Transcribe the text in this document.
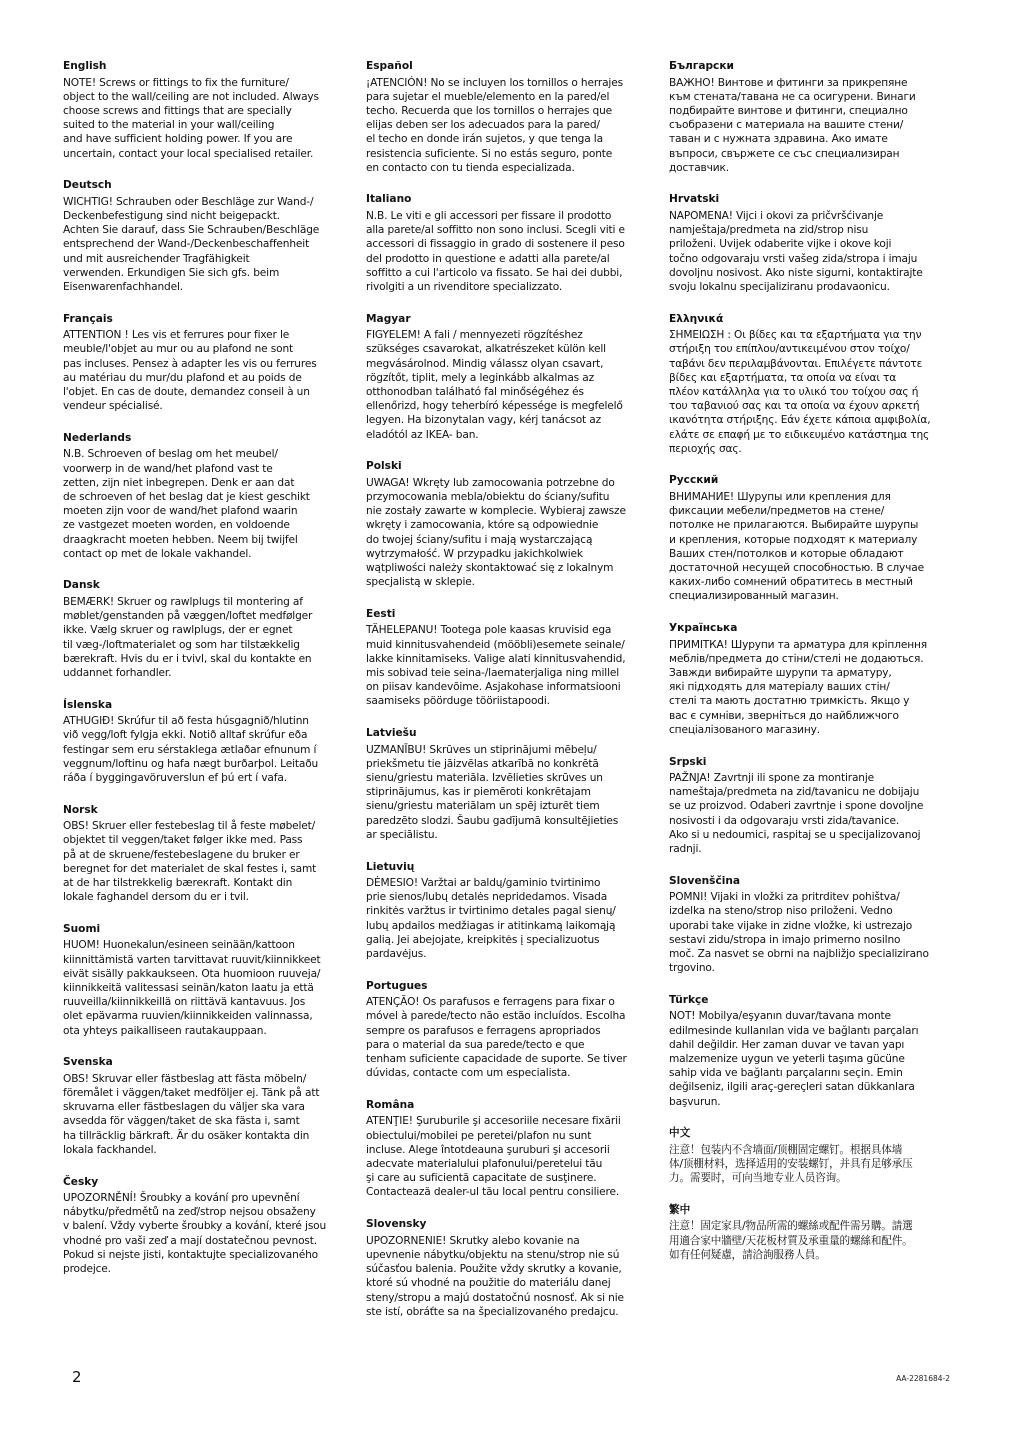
English

NOTE! Screws or fittings to fix the furniture/
object to the wall/ceiling are not included. Always
choose screws and fittings that are specially
suited to the material in your wall/ceiling
and have sufficient holding power. If you are
uncertain, contact your local specialised retailer.

Deutsch

WICHTIG! Schrauben oder Beschläge zur Wand-/
Deckenbefestigung sind nicht beigepackt.
Achten Sie darauf, dass Sie Schrauben/Beschläge
entsprechend der Wand-/Deckenbeschaffenheit
und mit ausreichender Tragfähigkeit
verwenden. Erkundigen Sie sich gfs. beim
Eisenwarenfachhandel.

Français

ATTENTION ! Les vis et ferrures pour fixer le
meuble/l'objet au mur ou au plafond ne sont
pas incluses. Pensez à adapter les vis ou ferrures
au matériau du mur/du plafond et au poids de
l'objet. En cas de doute, demandez conseil à un
vendeur spécialisé.

Nederlands

N.B. Schroeven of beslag om het meubel/
voorwerp in de wand/het plafond vast te
zetten, zijn niet inbegrepen. Denk er aan dat
de schroeven of het beslag dat je kiest geschikt
moeten zijn voor de wand/het plafond waarin
ze vastgezet moeten worden, en voldoende
draagkracht moeten hebben. Neem bij twijfel
contact op met de lokale vakhandel.

Dansk

BEMÆRK! Skruer og rawlplugs til montering af
møblet/genstanden på væggen/loftet medfølger
ikke. Vælg skruer og rawlplugs, der er egnet
til væg-/loftmaterialet og som har tilstækkelig
bærekraft. Hvis du er i tvivl, skal du kontakte en
uddannet forhandler.

Íslenska

ATHUGIÐ! Skrúfur til að festa húsgagnið/hlutinn
við vegg/loft fylgja ekki. Notið alltaf skrúfur eða
festingar sem eru sérstaklega ætlaðar efnunum í
veggnum/loftinu og hafa nægt burðarþol. Leitaðu
ráða í byggingavöruverslun ef þú ert í vafa.

Norsk

OBS! Skruer eller festebeslag til å feste møbelet/
objektet til veggen/taket følger ikke med. Pass
på at de skruene/festebeslagene du bruker er
beregnet for det materialet de skal festes i, samt
at de har tilstrekkelig bæreкraft. Kontakt din
lokale faghandel dersom du er i tvil.

Suomi

HUOM! Huonekalun/esineen seinään/kattoon
kiinnittämistä varten tarvittavat ruuvit/kiinnikkeet
eivät sisälly pakkaukseen. Ota huomioon ruuveja/
kiinnikkeitä valitessasi seinän/katon laatu ja että
ruuveilla/kiinnikkeillä on riittävä kantavuus. Jos
olet epävarma ruuvien/kiinnikkeiden valinnassa,
ota yhteys paikalliseen rautakauppaan.

Svenska

OBS! Skruvar eller fästbeslag att fästa möbeln/
föremålet i väggen/taket medföljer ej. Tänk på att
skruvarna eller fästbeslagen du väljer ska vara
avsedda för väggen/taket de ska fästa i, samt
ha tillräcklig bärkraft. Är du osäker kontakta din
lokala fackhandel.

Česky

UPOZORNĚNÍ! Šroubky a kování pro upevnění
nábytku/předmětů na zeď/strop nejsou obsaženy
v balení. Vždy vyberte šroubky a kování, které jsou
vhodné pro vaši zeď a mají dostatečnou pevnost.
Pokud si nejste jisti, kontaktujte specializovaného
prodejce.

Español

¡ATENCIÓN! No se incluyen los tornillos o herrajes
para sujetar el mueble/elemento en la pared/el
techo. Recuerda que los tornillos o herrajes que
elijas deben ser los adecuados para la pared/
el techo en donde irán sujetos, y que tenga la
resistencia suficiente. Si no estás seguro, ponte
en contacto con tu tienda especializada.

Italiano

N.B. Le viti e gli accessori per fissare il prodotto
alla parete/al soffitto non sono inclusi. Scegli viti e
accessori di fissaggio in grado di sostenere il peso
del prodotto in questione e adatti alla parete/al
soffitto a cui l'articolo va fissato. Se hai dei dubbi,
rivolgiti a un rivenditore specializzato.

Magyar

FIGYELEM! A fali / mennyezeti rögzítéshez
szükséges csavarokat, alkatrészeket külön kell
megvásárolnod. Mindig válassz olyan csavart,
rögzítőt, tiplit, mely a leginkább alkalmas az
otthonodban található fal minőségéhez és
ellenőrizd, hogy teherbíró képessége is megfelelő
legyen. Ha bizonytalan vagy, kérj tanácsot az
eladótól az IKEA- ban.

Polski

UWAGA! Wkręty lub zamocowania potrzebne do
przymocowania mebla/obiektu do ściany/sufitu
nie zostały zawarte w komplecie. Wybieraj zawsze
wkręty i zamocowania, które są odpowiednie
do twojej ściany/sufitu i mają wystarczającą
wytrzymałość. W przypadku jakichkolwiek
wątpliwości należy skontaktować się z lokalnym
specjalistą w sklepie.

Eesti

TÄHELEPANU! Tootega pole kaasas kruvisid ega
muid kinnitusvahendeid (mööbli)esemete seinale/
lakke kinnitamiseks. Valige alati kinnitusvahendid,
mis sobivad teie seina-/laematerjaliga ning millel
on piisav kandevõime. Asjakohase informatsiooni
saamiseks pöörduge tööriistapoodi.

Latviešu

UZMANĪBU! Skrūves un stiprinājumi mēbeļu/
priekšmetu tie jāizvēlas atkarībā no konkrētā
sienu/griestu materiāla. Izvēlieties skrūves un
stiprinājumus, kas ir piemēroti konkrētajam
sienu/griestu materiālam un spēj izturēt tiem
paredzēto slodzi. Šaubu gadījumā konsultējieties
ar speciālistu.

Lietuvių

DĖMESIO! Varžtai ar baldų/gaminio tvirtinimo
prie sienos/lubų detalės nepridedamos. Visada
rinkitės varžtus ir tvirtinimo detales pagal sienų/
lubų apdailos medžiagas ir atitinkamą laikomąją
galią. Jei abejojate, kreipkitės į specializuotus
pardavėjus.

Portugues

ATENÇÃO! Os parafusos e ferragens para fixar o
móvel à parede/tecto não estão incluídos. Escolha
sempre os parafusos e ferragens apropriados
para o material da sua parede/tecto e que
tenham suficiente capacidade de suporte. Se tiver
dúvidas, contacte com um especialista.

Româna

ATENŢIE! Şuruburile şi accesoriile necesare fixării
obiectului/mobilei pe peretei/plafon nu sunt
incluse. Alege întotdeauna şuruburi şi accesorii
adecvate materialului plafonului/peretelui tău
şi care au suficientă capacitate de susţinere.
Contactează dealer-ul tău local pentru consiliere.

Slovensky

UPOZORNENIE! Skrutky alebo kovanie na
upevnenie nábytku/objektu na stenu/strop nie sú
súčasťou balenia. Použite vždy skrutky a kovanie,
ktoré sú vhodné na použitie do materiálu danej
steny/stropu a majú dostatočnú nosnosť. Ak si nie
ste istí, obráťte sa na špecializovaného predajcu.

Български

ВАЖНО! Винтове и фитинги за прикрепяне
към стената/тавана не са осигурени. Винаги
подбирайте винтове и фитинги, специално
съобразени с материала на вашите стени/
таван и с нужната здравина. Ако имате
въпроси, свържете се със специализиран
доставчик.

Hrvatski

NAPOMENA! Vijci i okovi za pričvršćivanje
namještaja/predmeta na zid/strop nisu
priloženi. Uvijek odaberite vijke i okove koji
točno odgovaraju vrsti vašeg zida/stropa i imaju
dovoljnu nosivost. Ako niste sigurni, kontaktirajte
svoju lokalnu specijaliziranu prodavaonicu.

Ελληνικά

ΣΗΜΕΙΩΣΗ : Οι βίδες και τα εξαρτήματα για την
στήριξη του επίπλου/αντικειμένου στον τοίχο/
ταβάνι δεν περιλαμβάνονται. Επιλέγετε πάντοτε
βίδες και εξαρτήματα, τα οποία να είναι τα
πλέον κατάλληλα για το υλικό του τοίχου σας ή
του ταβανιού σας και τα οποία να έχουν αρκετή
ικανότητα στήριξης. Εάν έχετε κάποια αμφιβολία,
ελάτε σε επαφή με το ειδικευμένο κατάστημα της
περιοχής σας.

Русский

ВНИМАНИЕ! Шурупы или крепления для
фиксации мебели/предметов на стене/
потолке не прилагаются. Выбирайте шурупы
и крепления, которые подходят к материалу
Ваших стен/потолков и которые обладают
достаточной несущей способностью. В случае
каких-либо сомнений обратитесь в местный
специализированный магазин.

Українська

ПРИМІТКА! Шурупи та арматура для кріплення
меблів/предмета до стіни/стелі не додаються.
Завжди вибирайте шурупи та арматуру,
які підходять для матеріалу ваших стін/
стелі та мають достатню тримкість. Якщо у
вас є сумніви, зверніться до найближчого
спеціалізованого магазину.

Srpski

PAŽNJA! Zavrtnji ili spone za montiranje
nameštaja/predmeta na zid/tavanicu ne dobijaju
se uz proizvod. Odaberi zavrtnje i spone dovoljne
nosivosti i da odgovaraju vrsti zida/tavanice.
Ako si u nedoumici, raspitaj se u specijalizovanoj
radnji.

Slovenščina

POMNI! Vijaki in vložki za pritrditev pohištva/
izdelka na steno/strop niso priloženi. Vedno
uporabi take vijake in zidne vložke, ki ustrezajo
sestavi zidu/stropa in imajo primerno nosilno
moč. Za nasvet se obrni na najbližjo specializirano
trgovino.

Türkçe

NOT! Mobilya/eşyanın duvar/tavana monte
edilmesinde kullanılan vida ve bağlantı parçaları
dahil değildir. Her zaman duvar ve tavan yapı
malzemenize uygun ve yeterli taşıma gücüne
sahip vida ve bağlantı parçalarını seçin. Emin
değilseniz, ilgili araç-gereçleri satan dükkanlara
başvurun.

中文

注意！包装内不含墙面/顶棚固定螺钉。根据具体墙
体/顶棚材料，选择适用的安装螺钉，并具有足够承压
力。需要时，可向当地专业人员咨询。

繁中

注意！固定家具/物品所需的螺絲或配件需另購。請選
用適合家中牆壁/天花板材質及承重量的螺絲和配件。
如有任何疑慮，請洽詢服務人員。

2	AA-2281684-2
